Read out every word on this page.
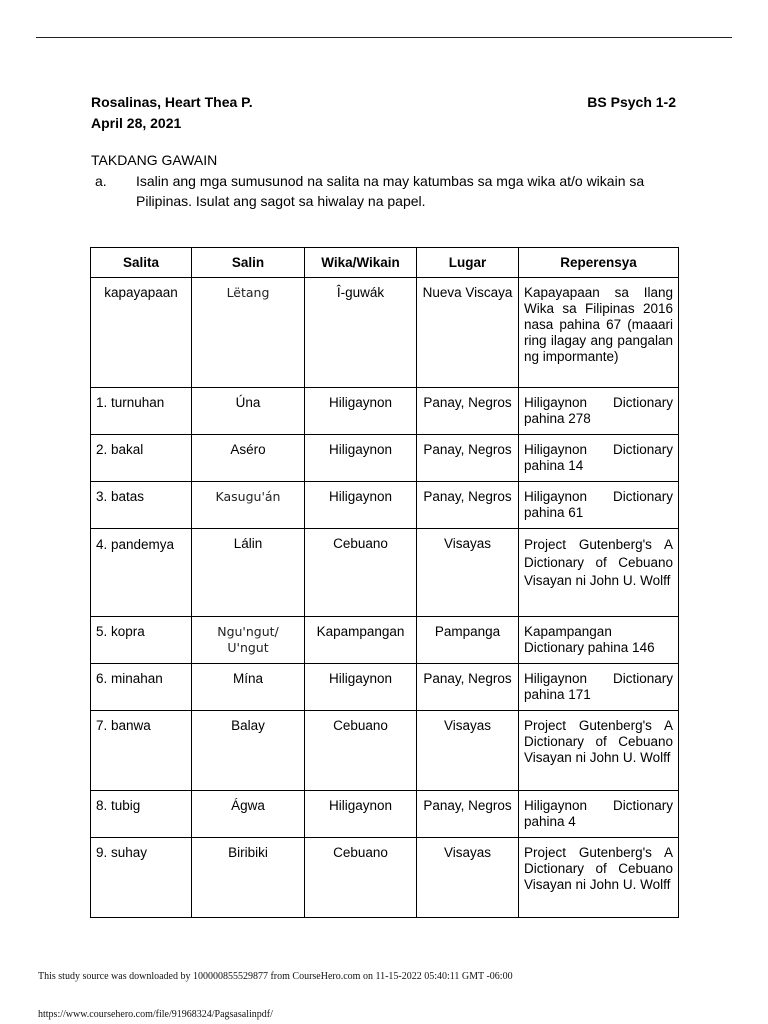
Rosalinas, Heart Thea P.
April 28, 2021
BS Psych 1-2
TAKDANG GAWAIN
a. Isalin ang mga sumusunod na salita na may katumbas sa mga wika at/o wikain sa Pilipinas. Isulat ang sagot sa hiwalay na papel.
Salita	Salin	Wika/Wikain	Lugar	Reperensya
kapayapaan	Lëtang	Î-guwák	Nueva Viscaya	Kapayapaan sa Ilang Wika sa Filipinas 2016 nasa pahina 67 (maaari ring ilagay ang pangalan ng impormante)
1. turnuhan	Úna	Hiligaynon	Panay, Negros	Hiligaynon Dictionary pahina 278
2. bakal	Aséro	Hiligaynon	Panay, Negros	Hiligaynon Dictionary pahina 14
3. batas	Kasugu'án	Hiligaynon	Panay, Negros	Hiligaynon Dictionary pahina 61
4. pandemya	Lálin	Cebuano	Visayas	Project Gutenberg's A Dictionary of Cebuano Visayan ni John U. Wolff
5. kopra	Ngu'ngut/ U'ngut	Kapampangan	Pampanga	Kapampangan Dictionary pahina 146
6. minahan	Mína	Hiligaynon	Panay, Negros	Hiligaynon Dictionary pahina 171
7. banwa	Balay	Cebuano	Visayas	Project Gutenberg's A Dictionary of Cebuano Visayan ni John U. Wolff
8. tubig	Ágwa	Hiligaynon	Panay, Negros	Hiligaynon Dictionary pahina 4
9. suhay	Biribiki	Cebuano	Visayas	Project Gutenberg's A Dictionary of Cebuano Visayan ni John U. Wolff
This study source was downloaded by 100000855529877 from CourseHero.com on 11-15-2022 05:40:11 GMT -06:00
https://www.coursehero.com/file/91968324/Pagsasalinpdf/
